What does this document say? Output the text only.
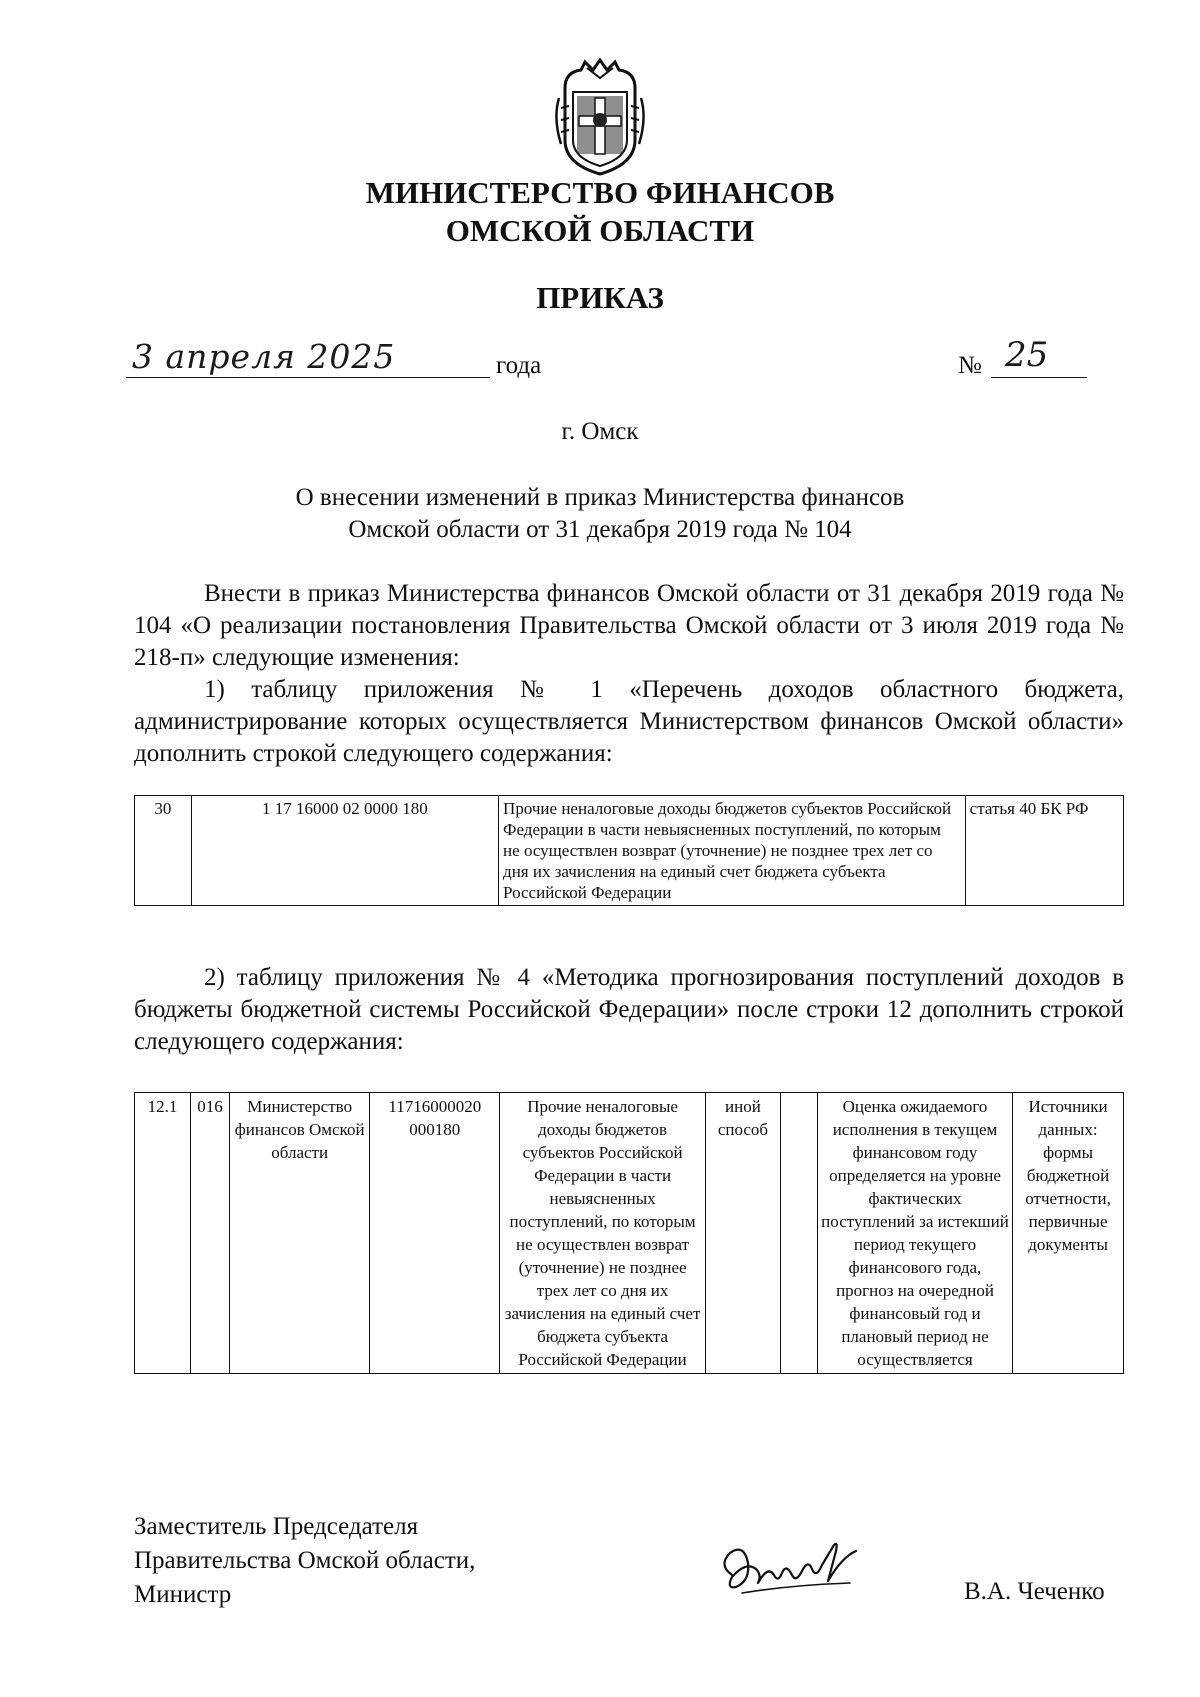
МИНИСТЕРСТВО ФИНАНСОВ
ОМСКОЙ ОБЛАСТИ
ПРИКАЗ
3 апреля 2025	года	№ 25
г. Омск
О внесении изменений в приказ Министерства финансов
Омской области от 31 декабря 2019 года № 104
Внести в приказ Министерства финансов Омской области от 31 декабря 2019 года № 104 «О реализации постановления Правительства Омской области от 3 июля 2019 года № 218-п» следующие изменения:
1) таблицу приложения № 1 «Перечень доходов областного бюджета, администрирование которых осуществляется Министерством финансов Омской области» дополнить строкой следующего содержания:
30	1 17 16000 02 0000 180	Прочие неналоговые доходы бюджетов субъектов Российской Федерации в части невыясненных поступлений, по которым не осуществлен возврат (уточнение) не позднее трех лет со дня их зачисления на единый счет бюджета субъекта Российской Федерации	статья 40 БК РФ
2) таблицу приложения № 4 «Методика прогнозирования поступлений доходов в бюджеты бюджетной системы Российской Федерации» после строки 12 дополнить строкой следующего содержания:
12.1	016	Министерство финансов Омской области	11716000020 000180	Прочие неналоговые доходы бюджетов субъектов Российской Федерации в части невыясненных поступлений, по которым не осуществлен возврат (уточнение) не позднее трех лет со дня их зачисления на единый счет бюджета субъекта Российской Федерации	иной способ		Оценка ожидаемого исполнения в текущем финансовом году определяется на уровне фактических поступлений за истекший период текущего финансового года, прогноз на очередной финансовый год и плановый период не осуществляется	Источники данных: формы бюджетной отчетности, первичные документы
Заместитель Председателя
Правительства Омской области,
Министр	В.А. Чеченко
